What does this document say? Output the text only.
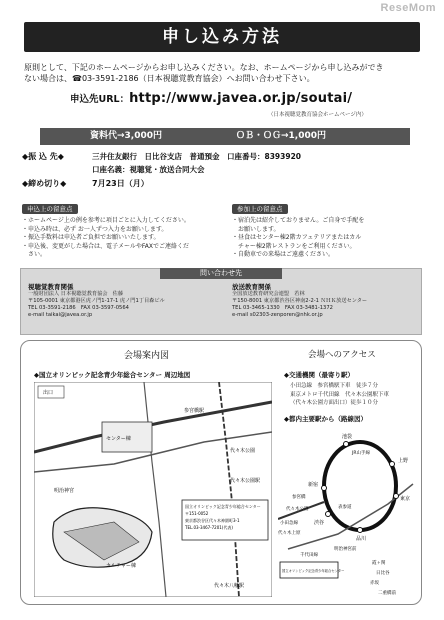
ReseMom
申し込み方法
原則として、下記のホームページからお申し込みください。なお、ホームページから申し込みができ
ない場合は、☎03-3591-2186（日本視聴覚教育協会）へお問い合わせ下さい。
申込先URL：http://www.javea.or.jp/soutai/
（日本視聴覚教育協会ホームページ内）
資料代→3,000円	ＯＢ・ＯＧ→1,000円
◆振 込 先◆	三井住友銀行　日比谷支店　普通預金　口座番号：8393920
口座名義：視聴覚・放送合同大会
◆締め切り◆	7月23日（月）
申込上の留意点
・ホームページ上の例を参考に項目ごとに入力してください。
・申込み時は、必ず お一人ずつ入力をお願いします。
・振込手数料は申込者ご負担でお願いいたします。
・申込後、変更がした場合は、電子メールやFAXでご連絡くだ
　さい。
参加上の留意点
・宿泊先は紹介しておりません。ご自身で手配を
　お願いします。
・昼食はセンター棟2階カフェテリアまたはカル
　チャー棟2階レストランをご利用ください。
・自動車での来場はご遠慮ください。
問い合わせ先
視聴覚教育関係
一般財団法人 日本視聴覚教育協会　佐藤
〒105-0001 東京都港区虎ノ門1-17-1 虎ノ門1丁目森ビル
TEL 03-3591-2186　FAX 03-3597-0564
e-mail taikai@javea.or.jp
放送教育関係
全国放送教育研究会連盟　若林
〒150-8001 東京都渋谷区神南2-2-1 ＮＨＫ放送センター
TEL 03-3465-1330　FAX 03-3481-1372
e-mail s02303-zenporen@nhk.or.jp
会場案内図
◆国立オリンピック記念青少年総合センター 周辺地図
国立オリンピック記念青少年総合センター
〒151-0052
東京都渋谷区代々木神園町3-1
TEL.03-3467-7201(代表)
代々木公園
参宮橋駅
カルチャー棟
センター棟
代々木八幡駅
代々木公園駅
明治神宮
出口
会場へのアクセス
◆交通機関（最寄り駅）
小田急線　参宮橋駅下車　徒歩７分
東京メトロ千代田線　代々木公園駅下車
（代々木公園方面出口）徒歩１０分
◆都内主要駅から（路線図）
池袋
JR山手線
新宿
上野
東京
渋谷
品川
参宮橋
代々木公園
代々木上原
小田急線
千代田線
表参道
明治神宮前
霞ヶ関
日比谷
赤坂
二重橋前
国立オリンピック記念青少年総合センター
